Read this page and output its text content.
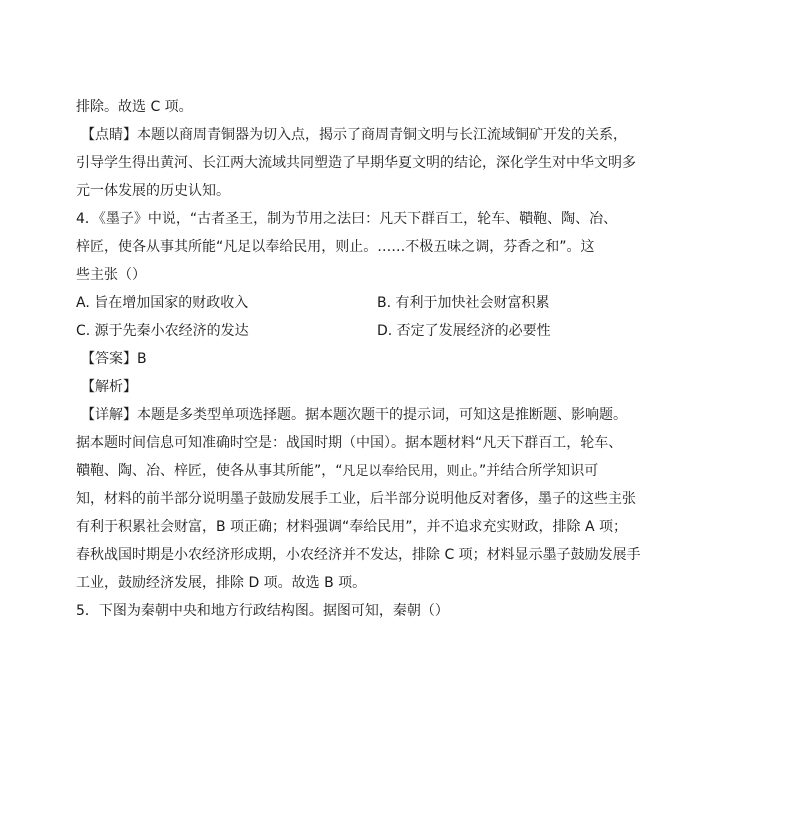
排除。故选 C 项。
【点睛】本题以商周青铜器为切入点，揭示了商周青铜文明与长江流域铜矿开发的关系，
引导学生得出黄河、长江两大流域共同塑造了早期华夏文明的结论，深化学生对中华文明多
元一体发展的历史认知。
4．《墨子》中说，“古者圣王，制为节用之法曰：凡天下群百工，轮车、鞼鞄、陶、冶、
梓匠，使各从事其所能“凡足以奉给民用，则止。……不极五味之调，芬香之和”。这
些主张（）
A. 旨在增加国家的财政收入	B. 有利于加快社会财富积累
C. 源于先秦小农经济的发达	D. 否定了发展经济的必要性
【答案】B
【解析】
【详解】本题是多类型单项选择题。据本题次题干的提示词，可知这是推断题、影响题。
据本题时间信息可知准确时空是：战国时期（中国）。据本题材料“凡天下群百工，轮车、
鞼鞄、陶、冶、梓匠，使各从事其所能”，“凡足以奉给民用，则止。”并结合所学知识可
知，材料的前半部分说明墨子鼓励发展手工业，后半部分说明他反对奢侈，墨子的这些主张
有利于积累社会财富，B 项正确；材料强调“奉给民用”，并不追求充实财政，排除 A 项；
春秋战国时期是小农经济形成期，小农经济并不发达，排除 C 项；材料显示墨子鼓励发展手
工业，鼓励经济发展，排除 D 项。故选 B 项。
5．下图为秦朝中央和地方行政结构图。据图可知，秦朝（）
